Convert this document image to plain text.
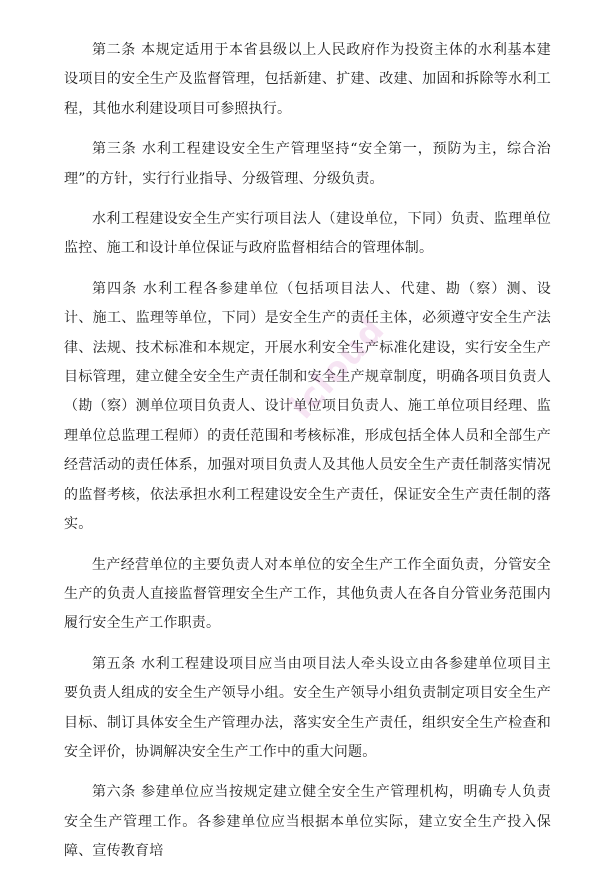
第二条 本规定适用于本省县级以上人民政府作为投资主体的水利基本建设项目的安全生产及监督管理，包括新建、扩建、改建、加固和拆除等水利工程，其他水利建设项目可参照执行。

第三条 水利工程建设安全生产管理坚持“安全第一，预防为主，综合治理”的方针，实行行业指导、分级管理、分级负责。

水利工程建设安全生产实行项目法人（建设单位，下同）负责、监理单位监控、施工和设计单位保证与政府监督相结合的管理体制。

第四条 水利工程各参建单位（包括项目法人、代建、勘（察）测、设计、施工、监理等单位，下同）是安全生产的责任主体，必须遵守安全生产法律、法规、技术标准和本规定，开展水利安全生产标准化建设，实行安全生产目标管理，建立健全安全生产责任制和安全生产规章制度，明确各项目负责人（勘（察）测单位项目负责人、设计单位项目负责人、施工单位项目经理、监理单位总监理工程师）的责任范围和考核标准，形成包括全体人员和全部生产经营活动的责任体系，加强对项目负责人及其他人员安全生产责任制落实情况的监督考核，依法承担水利工程建设安全生产责任，保证安全生产责任制的落实。

生产经营单位的主要负责人对本单位的安全生产工作全面负责，分管安全生产的负责人直接监督管理安全生产工作，其他负责人在各自分管业务范围内履行安全生产工作职责。

第五条 水利工程建设项目应当由项目法人牵头设立由各参建单位项目主要负责人组成的安全生产领导小组。安全生产领导小组负责制定项目安全生产目标、制订具体安全生产管理办法，落实安全生产责任，组织安全生产检查和安全评价，协调解决安全生产工作中的重大问题。

第六条 参建单位应当按规定建立健全安全生产管理机构，明确专人负责安全生产管理工作。各参建单位应当根据本单位实际，建立安全生产投入保障、宣传教育培

icloud
